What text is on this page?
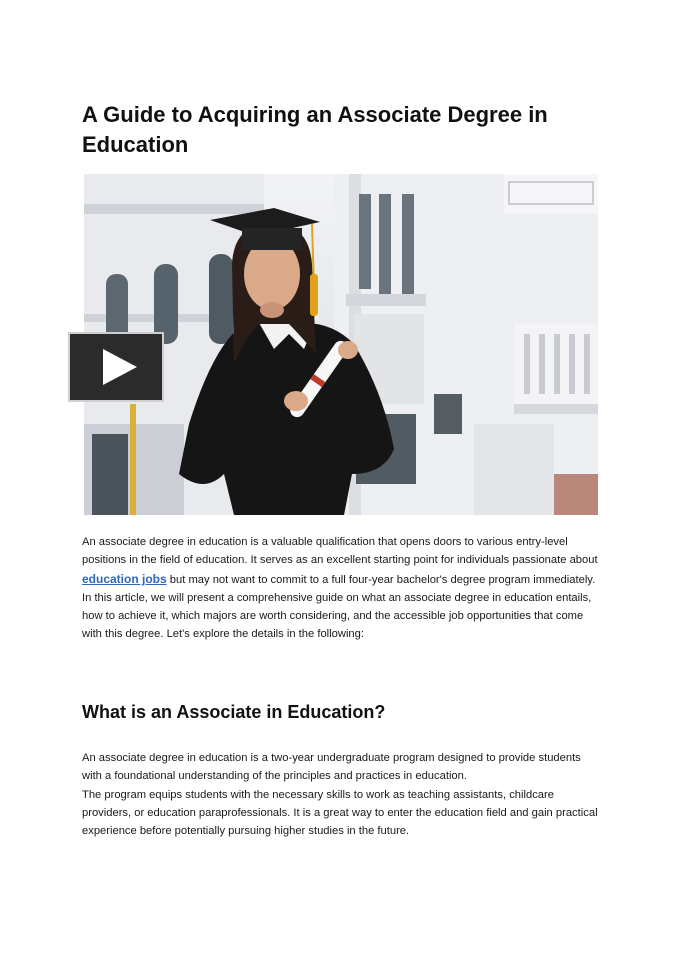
A Guide to Acquiring an Associate Degree in Education

An associate degree in education is a valuable qualification that opens doors to various entry-level positions in the field of education. It serves as an excellent starting point for individuals passionate about education jobs but may not want to commit to a full four-year bachelor's degree program immediately. In this article, we will present a comprehensive guide on what an associate degree in education entails, how to achieve it, which majors are worth considering, and the accessible job opportunities that come with this degree. Let's explore the details in the following:

What is an Associate in Education?
An associate degree in education is a two-year undergraduate program designed to provide students with a foundational understanding of the principles and practices in education.
The program equips students with the necessary skills to work as teaching assistants, childcare providers, or education paraprofessionals. It is a great way to enter the education field and gain practical experience before potentially pursuing higher studies in the future.
